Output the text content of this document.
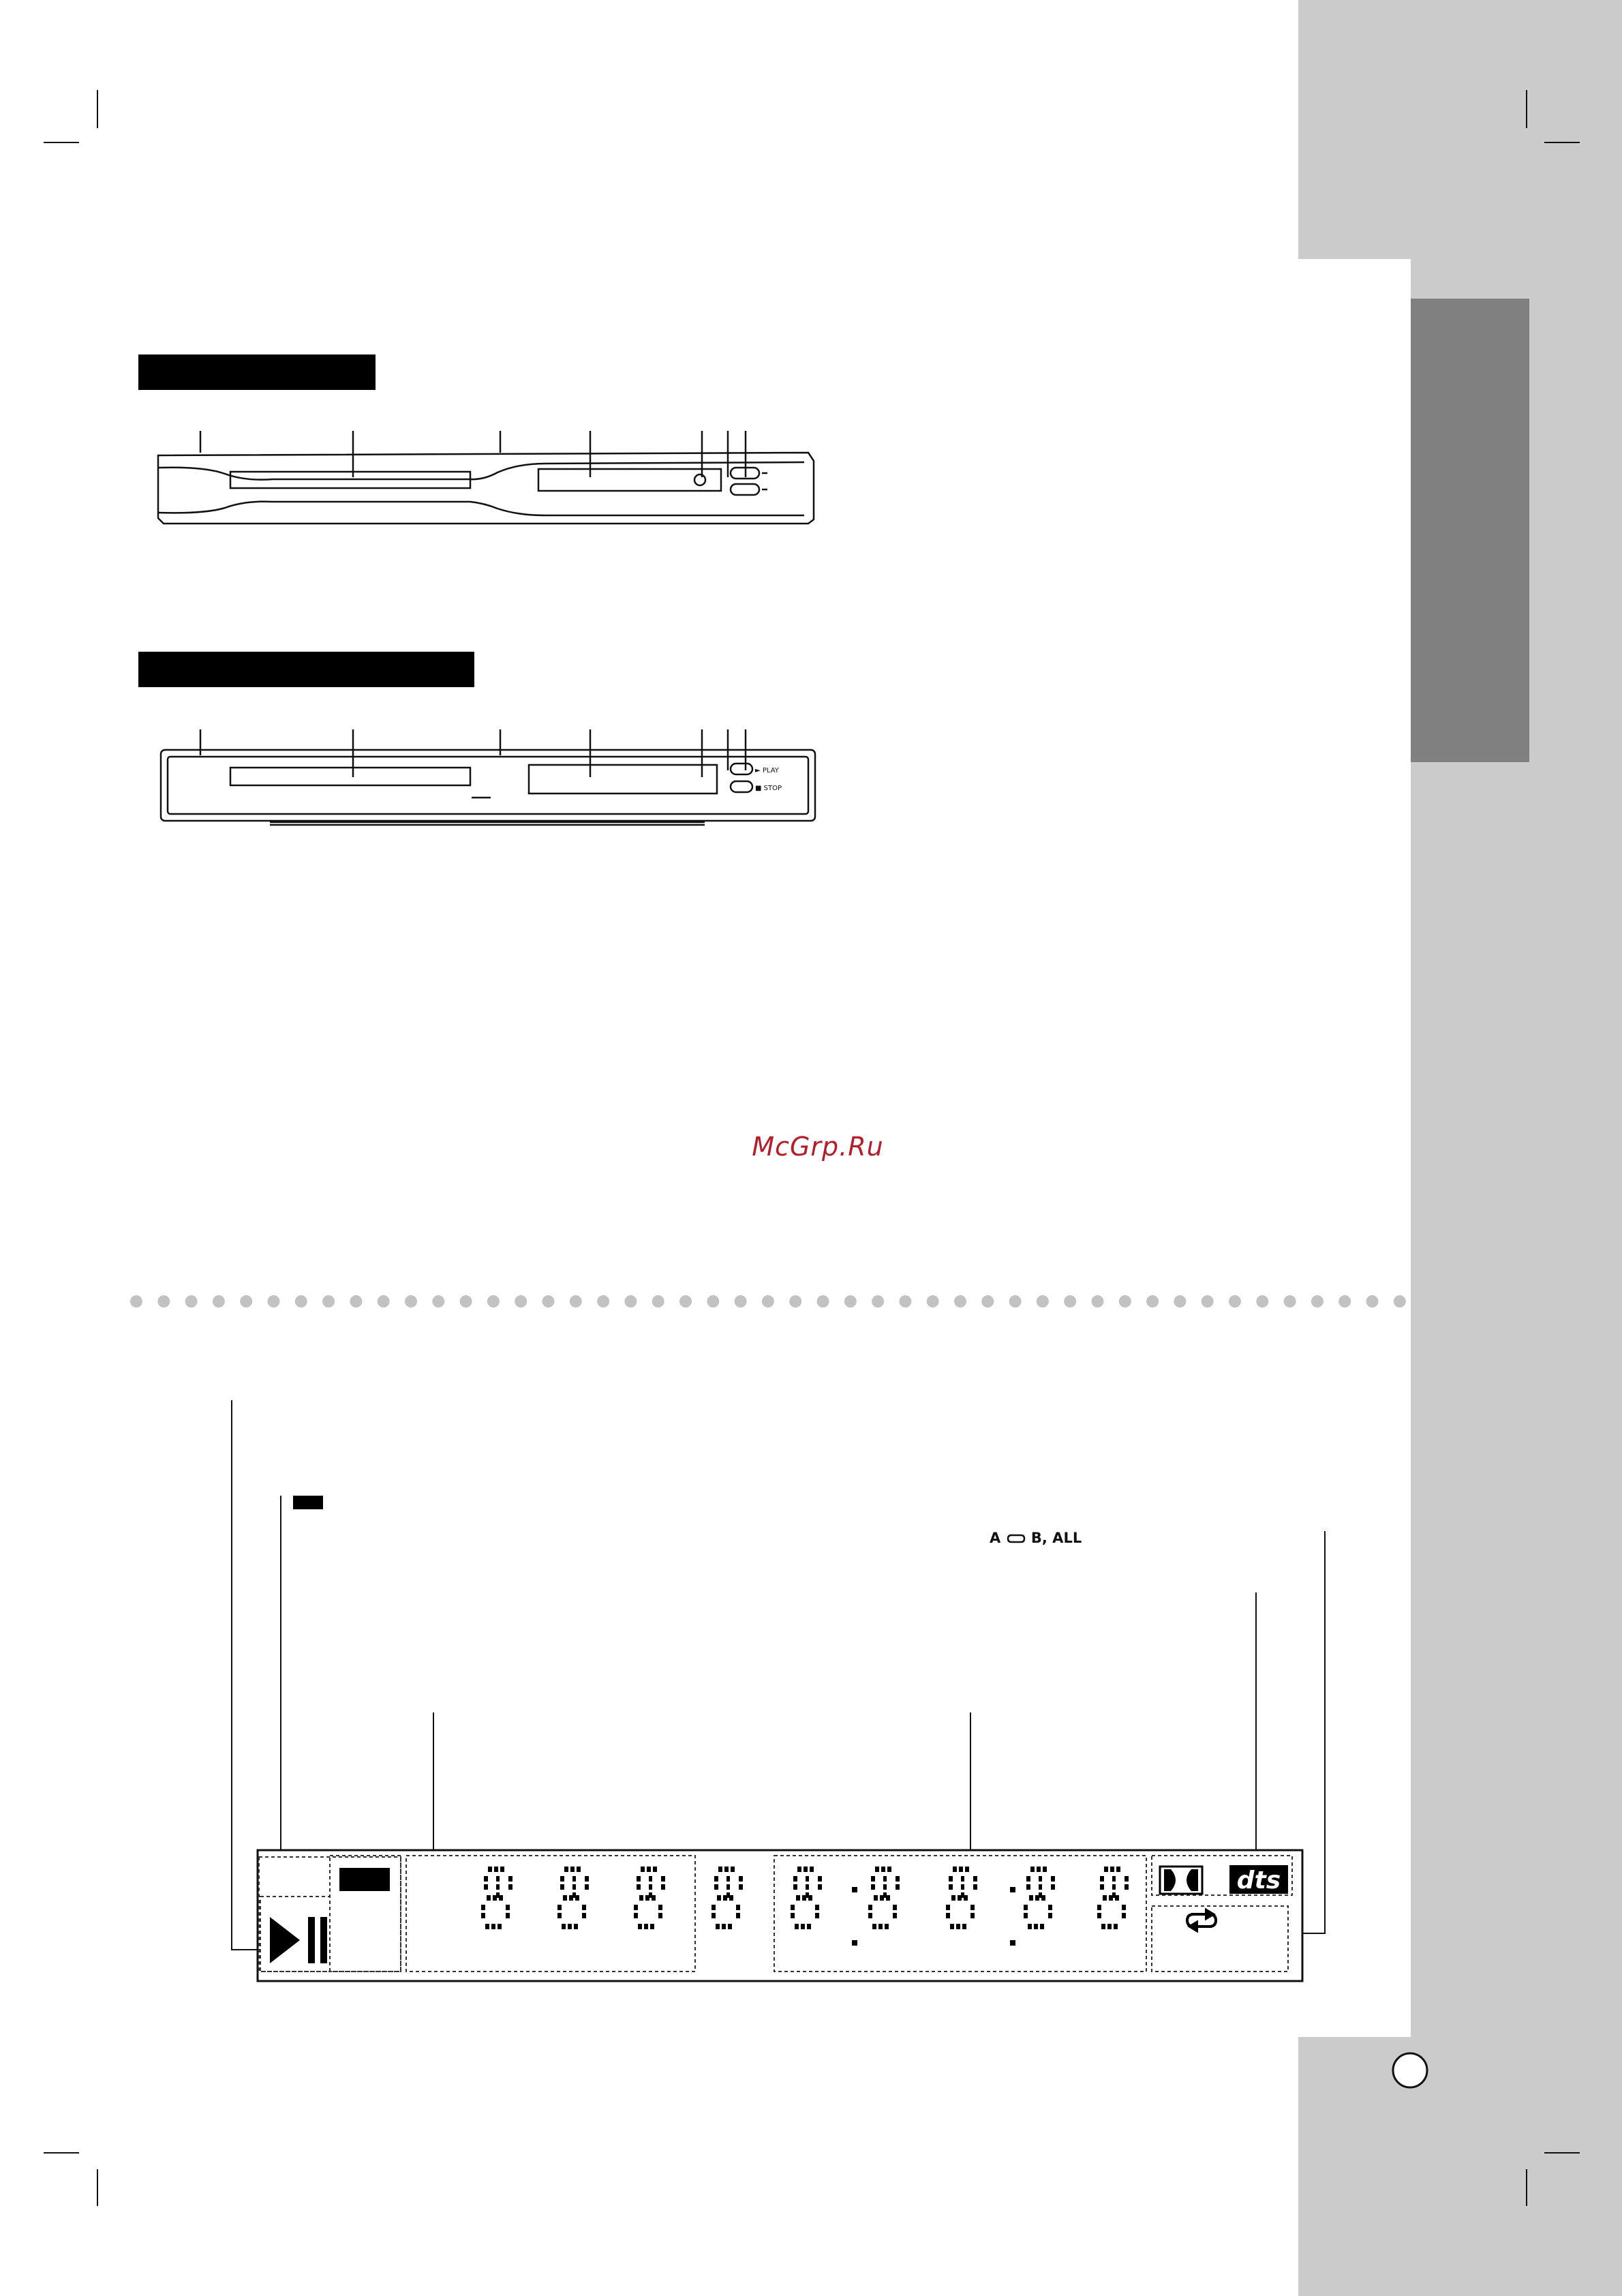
► PLAY
■ STOP
dts
McGrp.Ru
A B, ALL
